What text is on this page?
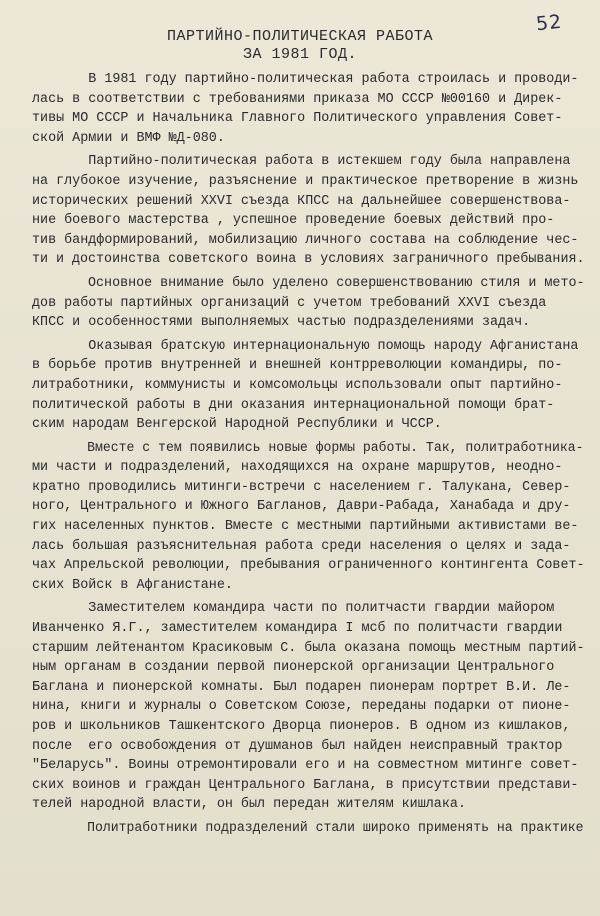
52
ПАРТИЙНО-ПОЛИТИЧЕСКАЯ РАБОТА
ЗА 1981 ГОД.
В 1981 году партийно-политическая работа строилась и проводи-
лась в соответствии с требованиями приказа МО СССР №00160 и Дирек-
тивы МО СССР и Начальника Главного Политического управления Совет-
ской Армии и ВМФ №Д-080.
Партийно-политическая работа в истекшем году была направлена
на глубокое изучение, разъяснение и практическое претворение в жизнь
исторических решений XXVI съезда КПСС на дальнейшее совершенствова-
ние боевого мастерства , успешное проведение боевых действий про-
тив бандформирований, мобилизацию личного состава на соблюдение чес-
ти и достоинства советского воина в условиях заграничного пребывания.
Основное внимание было уделено совершенствованию стиля и мето-
дов работы партийных организаций с учетом требований XXVI съезда
КПСС и особенностями выполняемых частью подразделениями задач.
Оказывая братскую интернациональную помощь народу Афганистана
в борьбе против внутренней и внешней контрреволюции командиры, по-
литработники, коммунисты и комсомольцы использовали опыт партийно-
политической работы в дни оказания интернациональной помощи брат-
ским народам Венгерской Народной Республики и ЧССР.
Вместе с тем появились новые формы работы. Так, политработника-
ми части и подразделений, находящихся на охране маршрутов, неодно-
кратно проводились митинги-встречи с населением г. Талукана, Север-
ного, Центрального и Южного Багланов, Даври-Рабада, Ханабада и дру-
гих населенных пунктов. Вместе с местными партийными активистами ве-
лась большая разъяснительная работа среди населения о целях и зада-
чах Апрельской революции, пребывания ограниченного контингента Совет-
ских Войск в Афганистане.
Заместителем командира части по политчасти гвардии майором
Иванченко Я.Г., заместителем командира I мсб по политчасти гвардии
старшим лейтенантом Красиковым С. была оказана помощь местным партий-
ным органам в создании первой пионерской организации Центрального
Баглана и пионерской комнаты. Был подарен пионерам портрет В.И. Ле-
нина, книги и журналы о Советском Союзе, переданы подарки от пионе-
ров и школьников Ташкентского Дворца пионеров. В одном из кишлаков,
после  его освобождения от душманов был найден неисправный трактор
"Беларусь". Воины отремонтировали его и на совместном митинге совет-
ских воинов и граждан Центрального Баглана, в присутствии представи-
телей народной власти, он был передан жителям кишлака.
Политработники подразделений стали широко применять на практике
